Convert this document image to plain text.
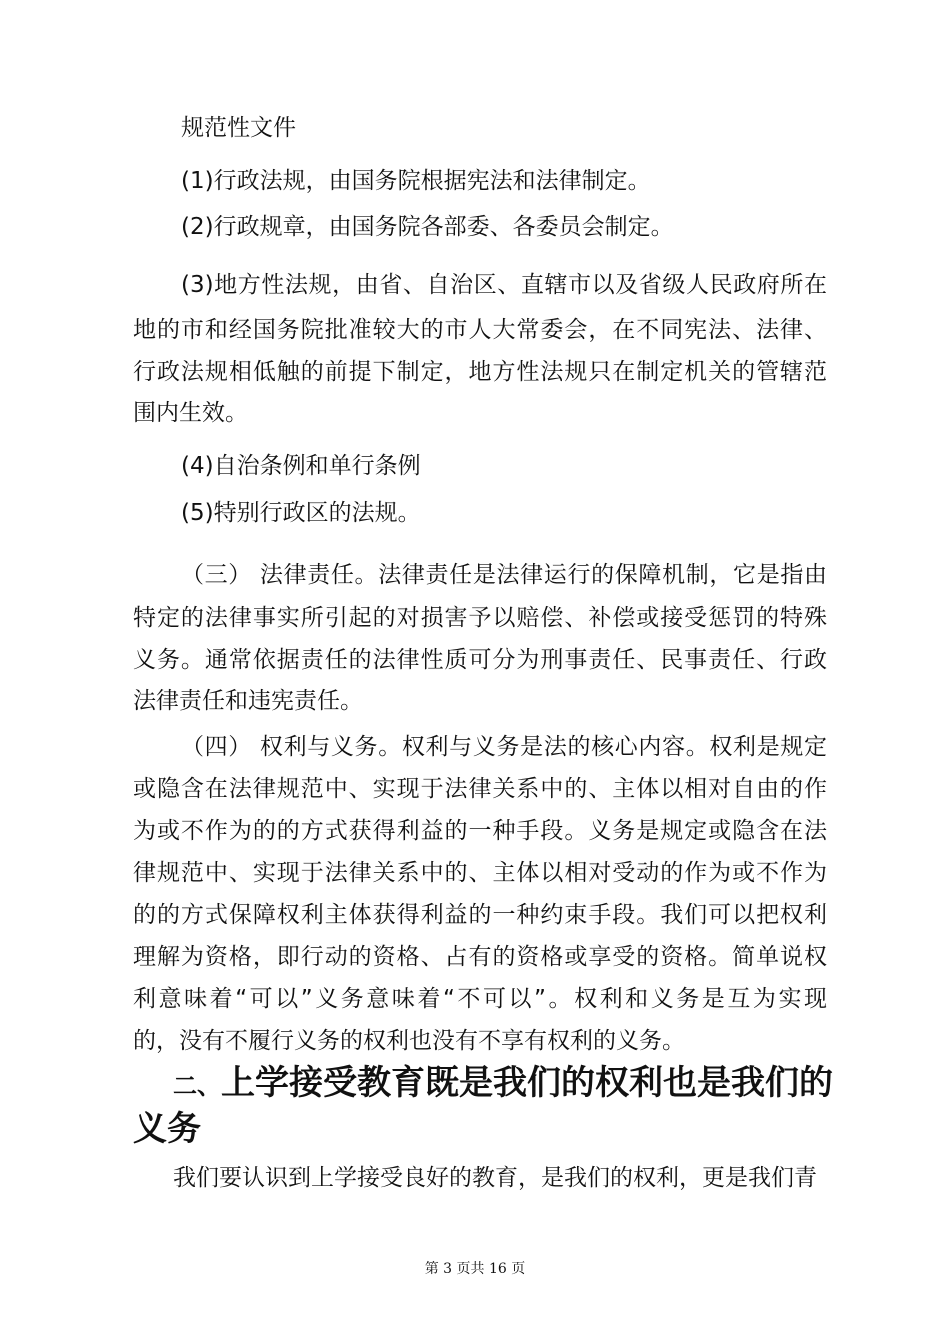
规范性文件
(1)行政法规，由国务院根据宪法和法律制定。
(2)行政规章，由国务院各部委、各委员会制定。
(3)地方性法规，由省、自治区、直辖市以及省级人民政府所在
地的市和经国务院批准较大的市人大常委会，在不同宪法、法律、
行政法规相低触的前提下制定，地方性法规只在制定机关的管辖范
围内生效。
(4)自治条例和单行条例
(5)特别行政区的法规。
（三） 法律责任。法律责任是法律运行的保障机制，它是指由
特定的法律事实所引起的对损害予以赔偿、补偿或接受惩罚的特殊
义务。通常依据责任的法律性质可分为刑事责任、民事责任、行政
法律责任和违宪责任。
（四） 权利与义务。权利与义务是法的核心内容。权利是规定
或隐含在法律规范中、实现于法律关系中的、主体以相对自由的作
为或不作为的的方式获得利益的一种手段。义务是规定或隐含在法
律规范中、实现于法律关系中的、主体以相对受动的作为或不作为
的的方式保障权利主体获得利益的一种约束手段。我们可以把权利
理解为资格，即行动的资格、占有的资格或享受的资格。简单说权
利意味着“可以”义务意味着“不可以”。权利和义务是互为实现
的，没有不履行义务的权利也没有不享有权利的义务。
二、上学接受教育既是我们的权利也是我们的
义务
我们要认识到上学接受良好的教育，是我们的权利，更是我们青
第 3 页共 16 页
